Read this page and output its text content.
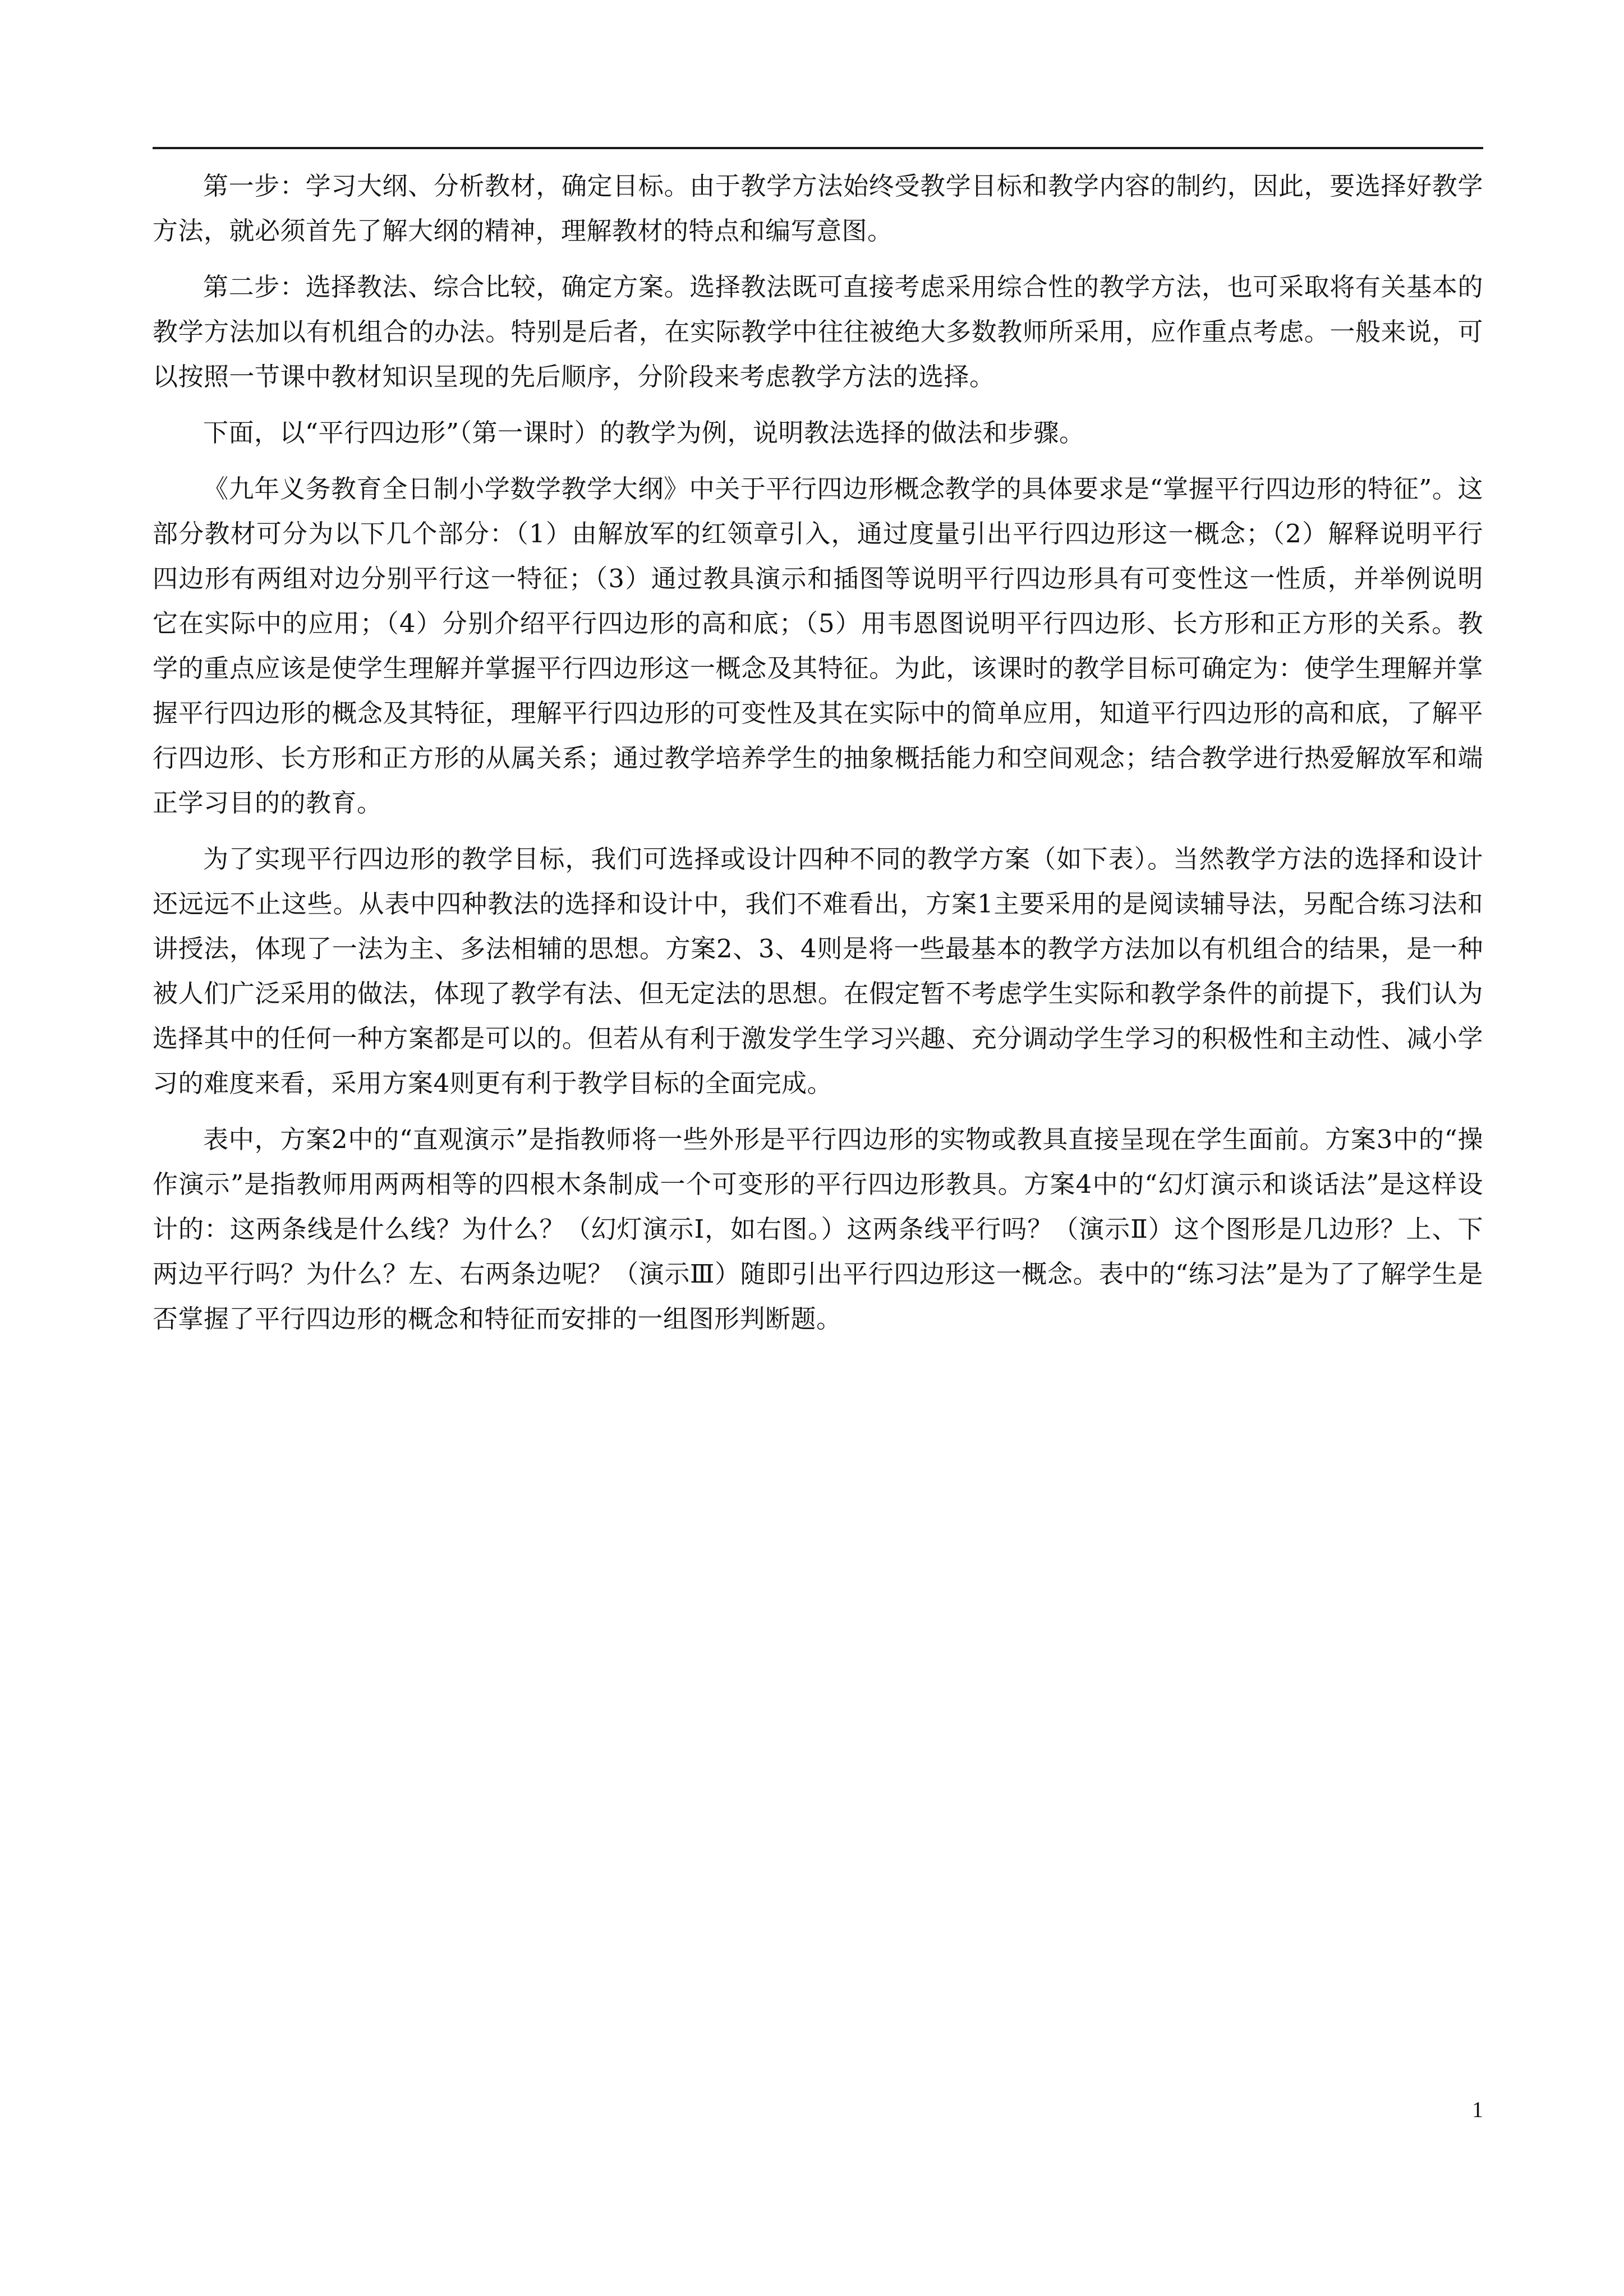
第一步：学习大纲、分析教材，确定目标。由于教学方法始终受教学目标和教学内容的制约，因此，要选择好教学方法，就必须首先了解大纲的精神，理解教材的特点和编写意图。

第二步：选择教法、综合比较，确定方案。选择教法既可直接考虑采用综合性的教学方法，也可采取将有关基本的教学方法加以有机组合的办法。特别是后者，在实际教学中往往被绝大多数教师所采用，应作重点考虑。一般来说，可以按照一节课中教材知识呈现的先后顺序，分阶段来考虑教学方法的选择。

下面，以“平行四边形”（第一课时）的教学为例，说明教法选择的做法和步骤。

《九年义务教育全日制小学数学教学大纲》中关于平行四边形概念教学的具体要求是“掌握平行四边形的特征”。这部分教材可分为以下几个部分：（1）由解放军的红领章引入，通过度量引出平行四边形这一概念；（2）解释说明平行四边形有两组对边分别平行这一特征；（3）通过教具演示和插图等说明平行四边形具有可变性这一性质，并举例说明它在实际中的应用；（4）分别介绍平行四边形的高和底；（5）用韦恩图说明平行四边形、长方形和正方形的关系。教学的重点应该是使学生理解并掌握平行四边形这一概念及其特征。为此，该课时的教学目标可确定为：使学生理解并掌握平行四边形的概念及其特征，理解平行四边形的可变性及其在实际中的简单应用，知道平行四边形的高和底，了解平行四边形、长方形和正方形的从属关系；通过教学培养学生的抽象概括能力和空间观念；结合教学进行热爱解放军和端正学习目的的教育。

为了实现平行四边形的教学目标，我们可选择或设计四种不同的教学方案（如下表）。当然教学方法的选择和设计还远远不止这些。从表中四种教法的选择和设计中，我们不难看出，方案1主要采用的是阅读辅导法，另配合练习法和讲授法，体现了一法为主、多法相辅的思想。方案2、3、4则是将一些最基本的教学方法加以有机组合的结果，是一种被人们广泛采用的做法，体现了教学有法、但无定法的思想。在假定暂不考虑学生实际和教学条件的前提下，我们认为选择其中的任何一种方案都是可以的。但若从有利于激发学生学习兴趣、充分调动学生学习的积极性和主动性、减小学习的难度来看，采用方案4则更有利于教学目标的全面完成。

表中，方案2中的“直观演示”是指教师将一些外形是平行四边形的实物或教具直接呈现在学生面前。方案3中的“操作演示”是指教师用两两相等的四根木条制成一个可变形的平行四边形教具。方案4中的“幻灯演示和谈话法”是这样设计的：这两条线是什么线？为什么？（幻灯演示Ⅰ，如右图。）这两条线平行吗？（演示Ⅱ）这个图形是几边形？上、下两边平行吗？为什么？左、右两条边呢？（演示Ⅲ）随即引出平行四边形这一概念。表中的“练习法”是为了了解学生是否掌握了平行四边形的概念和特征而安排的一组图形判断题。

1
